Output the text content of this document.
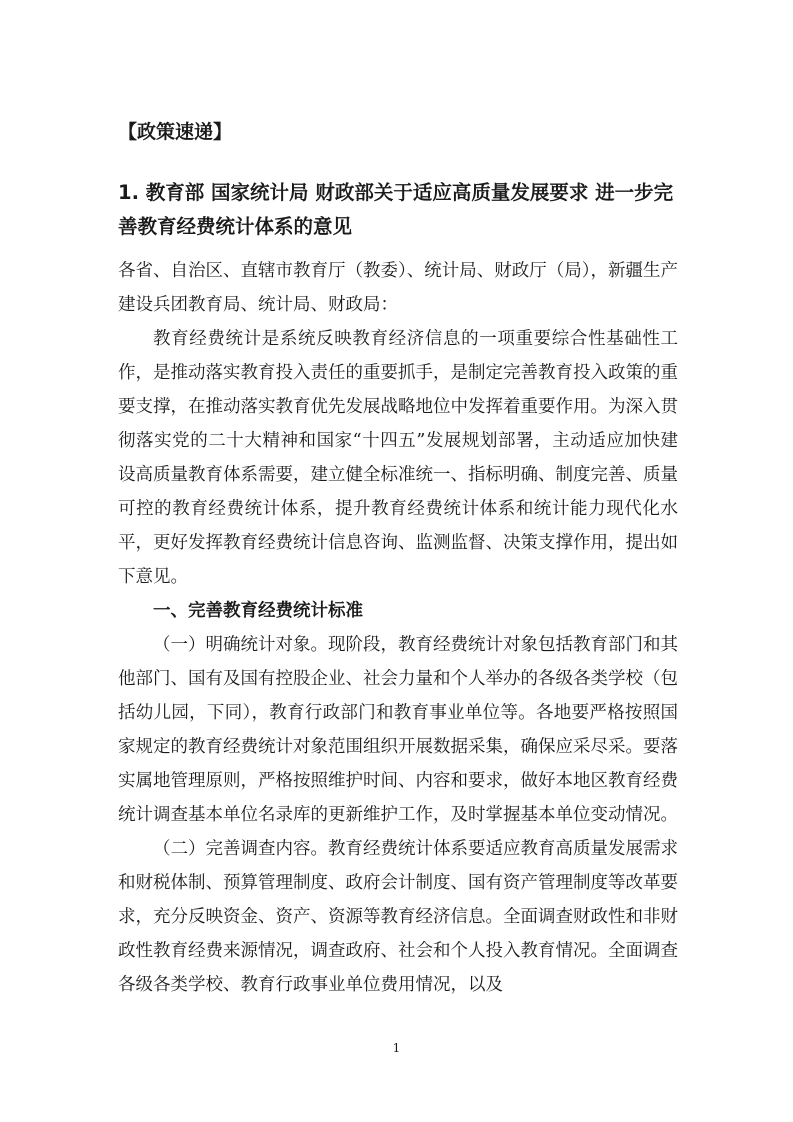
【政策速递】
1. 教育部 国家统计局 财政部关于适应高质量发展要求 进一步完善教育经费统计体系的意见

各省、自治区、直辖市教育厅（教委）、统计局、财政厅（局），新疆生产建设兵团教育局、统计局、财政局：

教育经费统计是系统反映教育经济信息的一项重要综合性基础性工作，是推动落实教育投入责任的重要抓手，是制定完善教育投入政策的重要支撑，在推动落实教育优先发展战略地位中发挥着重要作用。为深入贯彻落实党的二十大精神和国家“十四五”发展规划部署，主动适应加快建设高质量教育体系需要，建立健全标准统一、指标明确、制度完善、质量可控的教育经费统计体系，提升教育经费统计体系和统计能力现代化水平，更好发挥教育经费统计信息咨询、监测监督、决策支撑作用，提出如下意见。

一、完善教育经费统计标准

（一）明确统计对象。现阶段，教育经费统计对象包括教育部门和其他部门、国有及国有控股企业、社会力量和个人举办的各级各类学校（包括幼儿园，下同），教育行政部门和教育事业单位等。各地要严格按照国家规定的教育经费统计对象范围组织开展数据采集，确保应采尽采。要落实属地管理原则，严格按照维护时间、内容和要求，做好本地区教育经费统计调查基本单位名录库的更新维护工作，及时掌握基本单位变动情况。

（二）完善调查内容。教育经费统计体系要适应教育高质量发展需求和财税体制、预算管理制度、政府会计制度、国有资产管理制度等改革要求，充分反映资金、资产、资源等教育经济信息。全面调查财政性和非财政性教育经费来源情况，调查政府、社会和个人投入教育情况。全面调查各级各类学校、教育行政事业单位费用情况，以及

1
